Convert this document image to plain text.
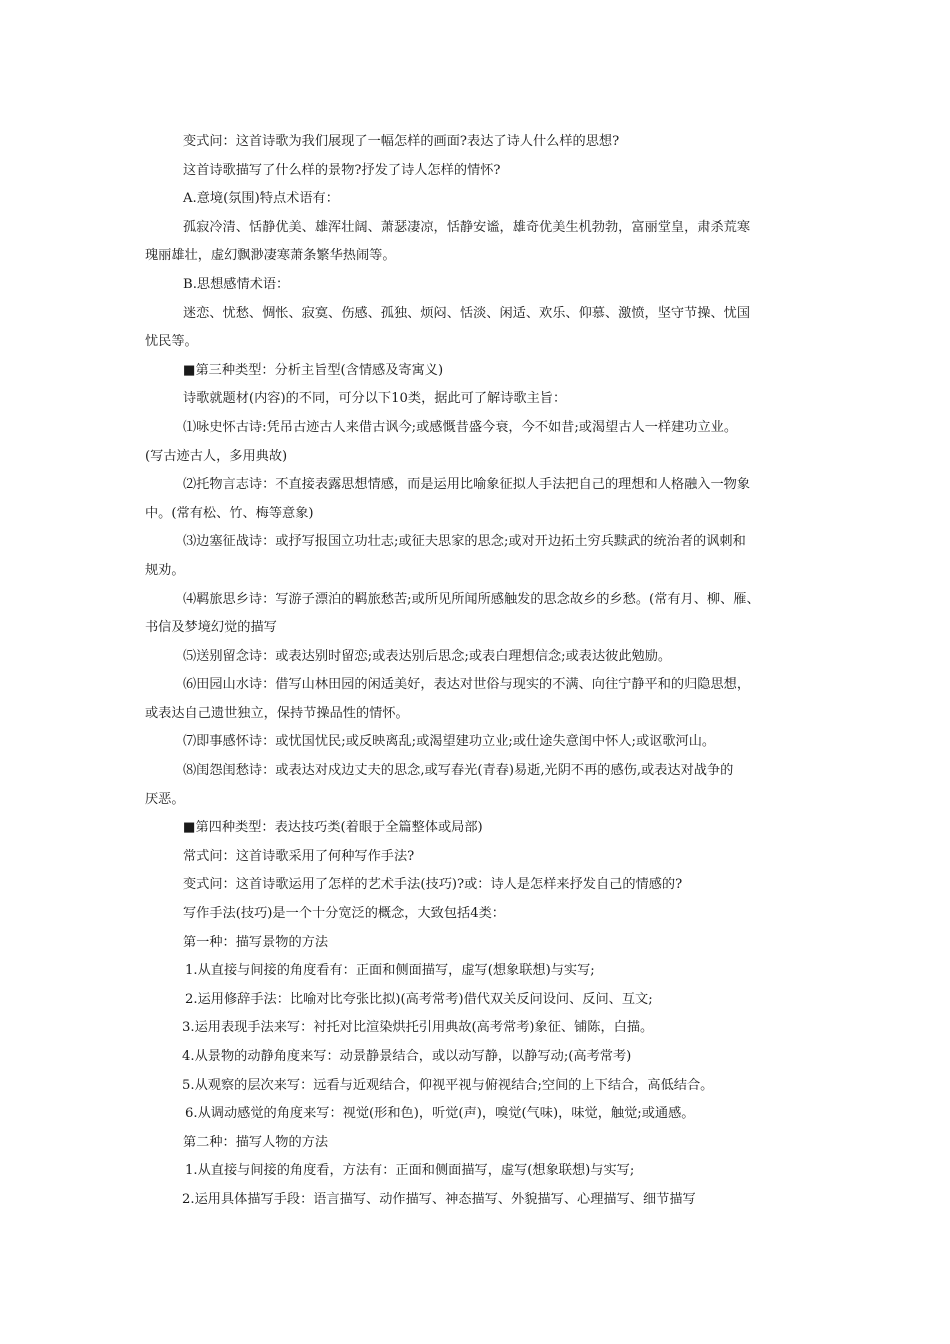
变式问：这首诗歌为我们展现了一幅怎样的画面?表达了诗人什么样的思想?

这首诗歌描写了什么样的景物?抒发了诗人怎样的情怀?

A.意境(氛围)特点术语有：

孤寂冷清、恬静优美、雄浑壮阔、萧瑟凄凉，恬静安谧，雄奇优美生机勃勃，富丽堂皇，肃杀荒寒

瑰丽雄壮，虚幻飘渺凄寒萧条繁华热闹等。

B.思想感情术语：

迷恋、忧愁、惆怅、寂寞、伤感、孤独、烦闷、恬淡、闲适、欢乐、仰慕、激愤，坚守节操、忧国

忧民等。

■第三种类型：分析主旨型(含情感及寄寓义)

诗歌就题材(内容)的不同，可分以下10类，据此可了解诗歌主旨：

⑴咏史怀古诗:凭吊古迹古人来借古讽今;或感慨昔盛今衰，今不如昔;或渴望古人一样建功立业。

(写古迹古人，多用典故)

⑵托物言志诗：不直接表露思想情感，而是运用比喻象征拟人手法把自己的理想和人格融入一物象

中。(常有松、竹、梅等意象)

⑶边塞征战诗：或抒写报国立功壮志;或征夫思家的思念;或对开边拓土穷兵黩武的统治者的讽刺和

规劝。

⑷羁旅思乡诗：写游子漂泊的羁旅愁苦;或所见所闻所感触发的思念故乡的乡愁。(常有月、柳、雁、

书信及梦境幻觉的描写

⑸送别留念诗：或表达别时留恋;或表达别后思念;或表白理想信念;或表达彼此勉励。

⑹田园山水诗：借写山林田园的闲适美好，表达对世俗与现实的不满、向往宁静平和的归隐思想，

或表达自己遗世独立，保持节操品性的情怀。

⑺即事感怀诗：或忧国忧民;或反映离乱;或渴望建功立业;或仕途失意闺中怀人;或讴歌河山。

⑻闺怨闺愁诗：或表达对戍边丈夫的思念,或写春光(青春)易逝,光阴不再的感伤,或表达对战争的

厌恶。

■第四种类型：表达技巧类(着眼于全篇整体或局部)

常式问：这首诗歌采用了何种写作手法?

变式问：这首诗歌运用了怎样的艺术手法(技巧)?或：诗人是怎样来抒发自己的情感的?

写作手法(技巧)是一个十分宽泛的概念，大致包括4类：

第一种：描写景物的方法

1.从直接与间接的角度看有：正面和侧面描写，虚写(想象联想)与实写;

2.运用修辞手法：比喻对比夸张比拟)(高考常考)借代双关反问设问、反问、互文;

3.运用表现手法来写：衬托对比渲染烘托引用典故(高考常考)象征、铺陈，白描。

4.从景物的动静角度来写：动景静景结合，或以动写静，以静写动;(高考常考)

5.从观察的层次来写：远看与近观结合，仰视平视与俯视结合;空间的上下结合，高低结合。

6.从调动感觉的角度来写：视觉(形和色)，听觉(声)，嗅觉(气味)，味觉，触觉;或通感。

第二种：描写人物的方法

1.从直接与间接的角度看，方法有：正面和侧面描写，虚写(想象联想)与实写;

2.运用具体描写手段：语言描写、动作描写、神态描写、外貌描写、心理描写、细节描写
